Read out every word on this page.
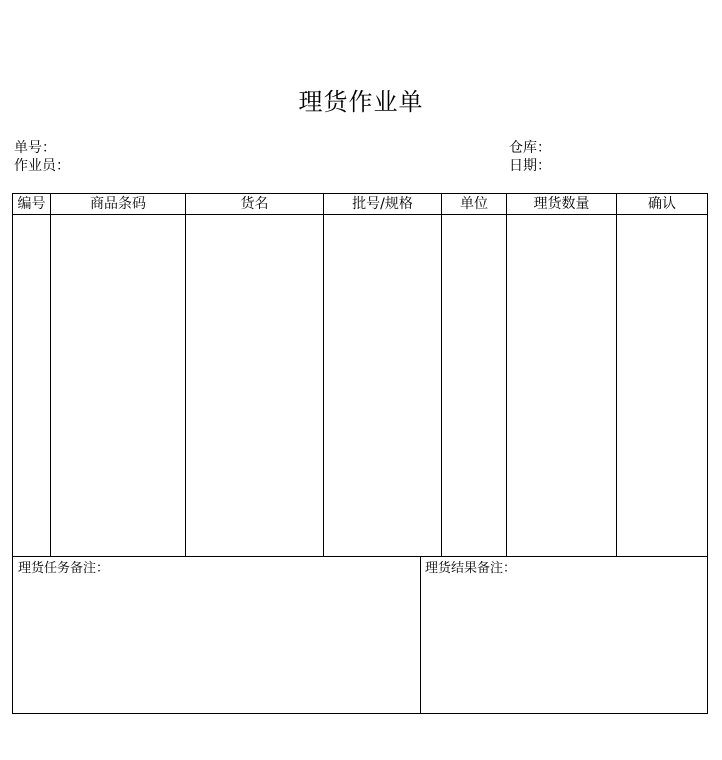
理货作业单
单号：
作业员：
仓库：
日期：
编号	商品条码	货名	批号/规格	单位	理货数量	确认
理货任务备注：	理货结果备注：
